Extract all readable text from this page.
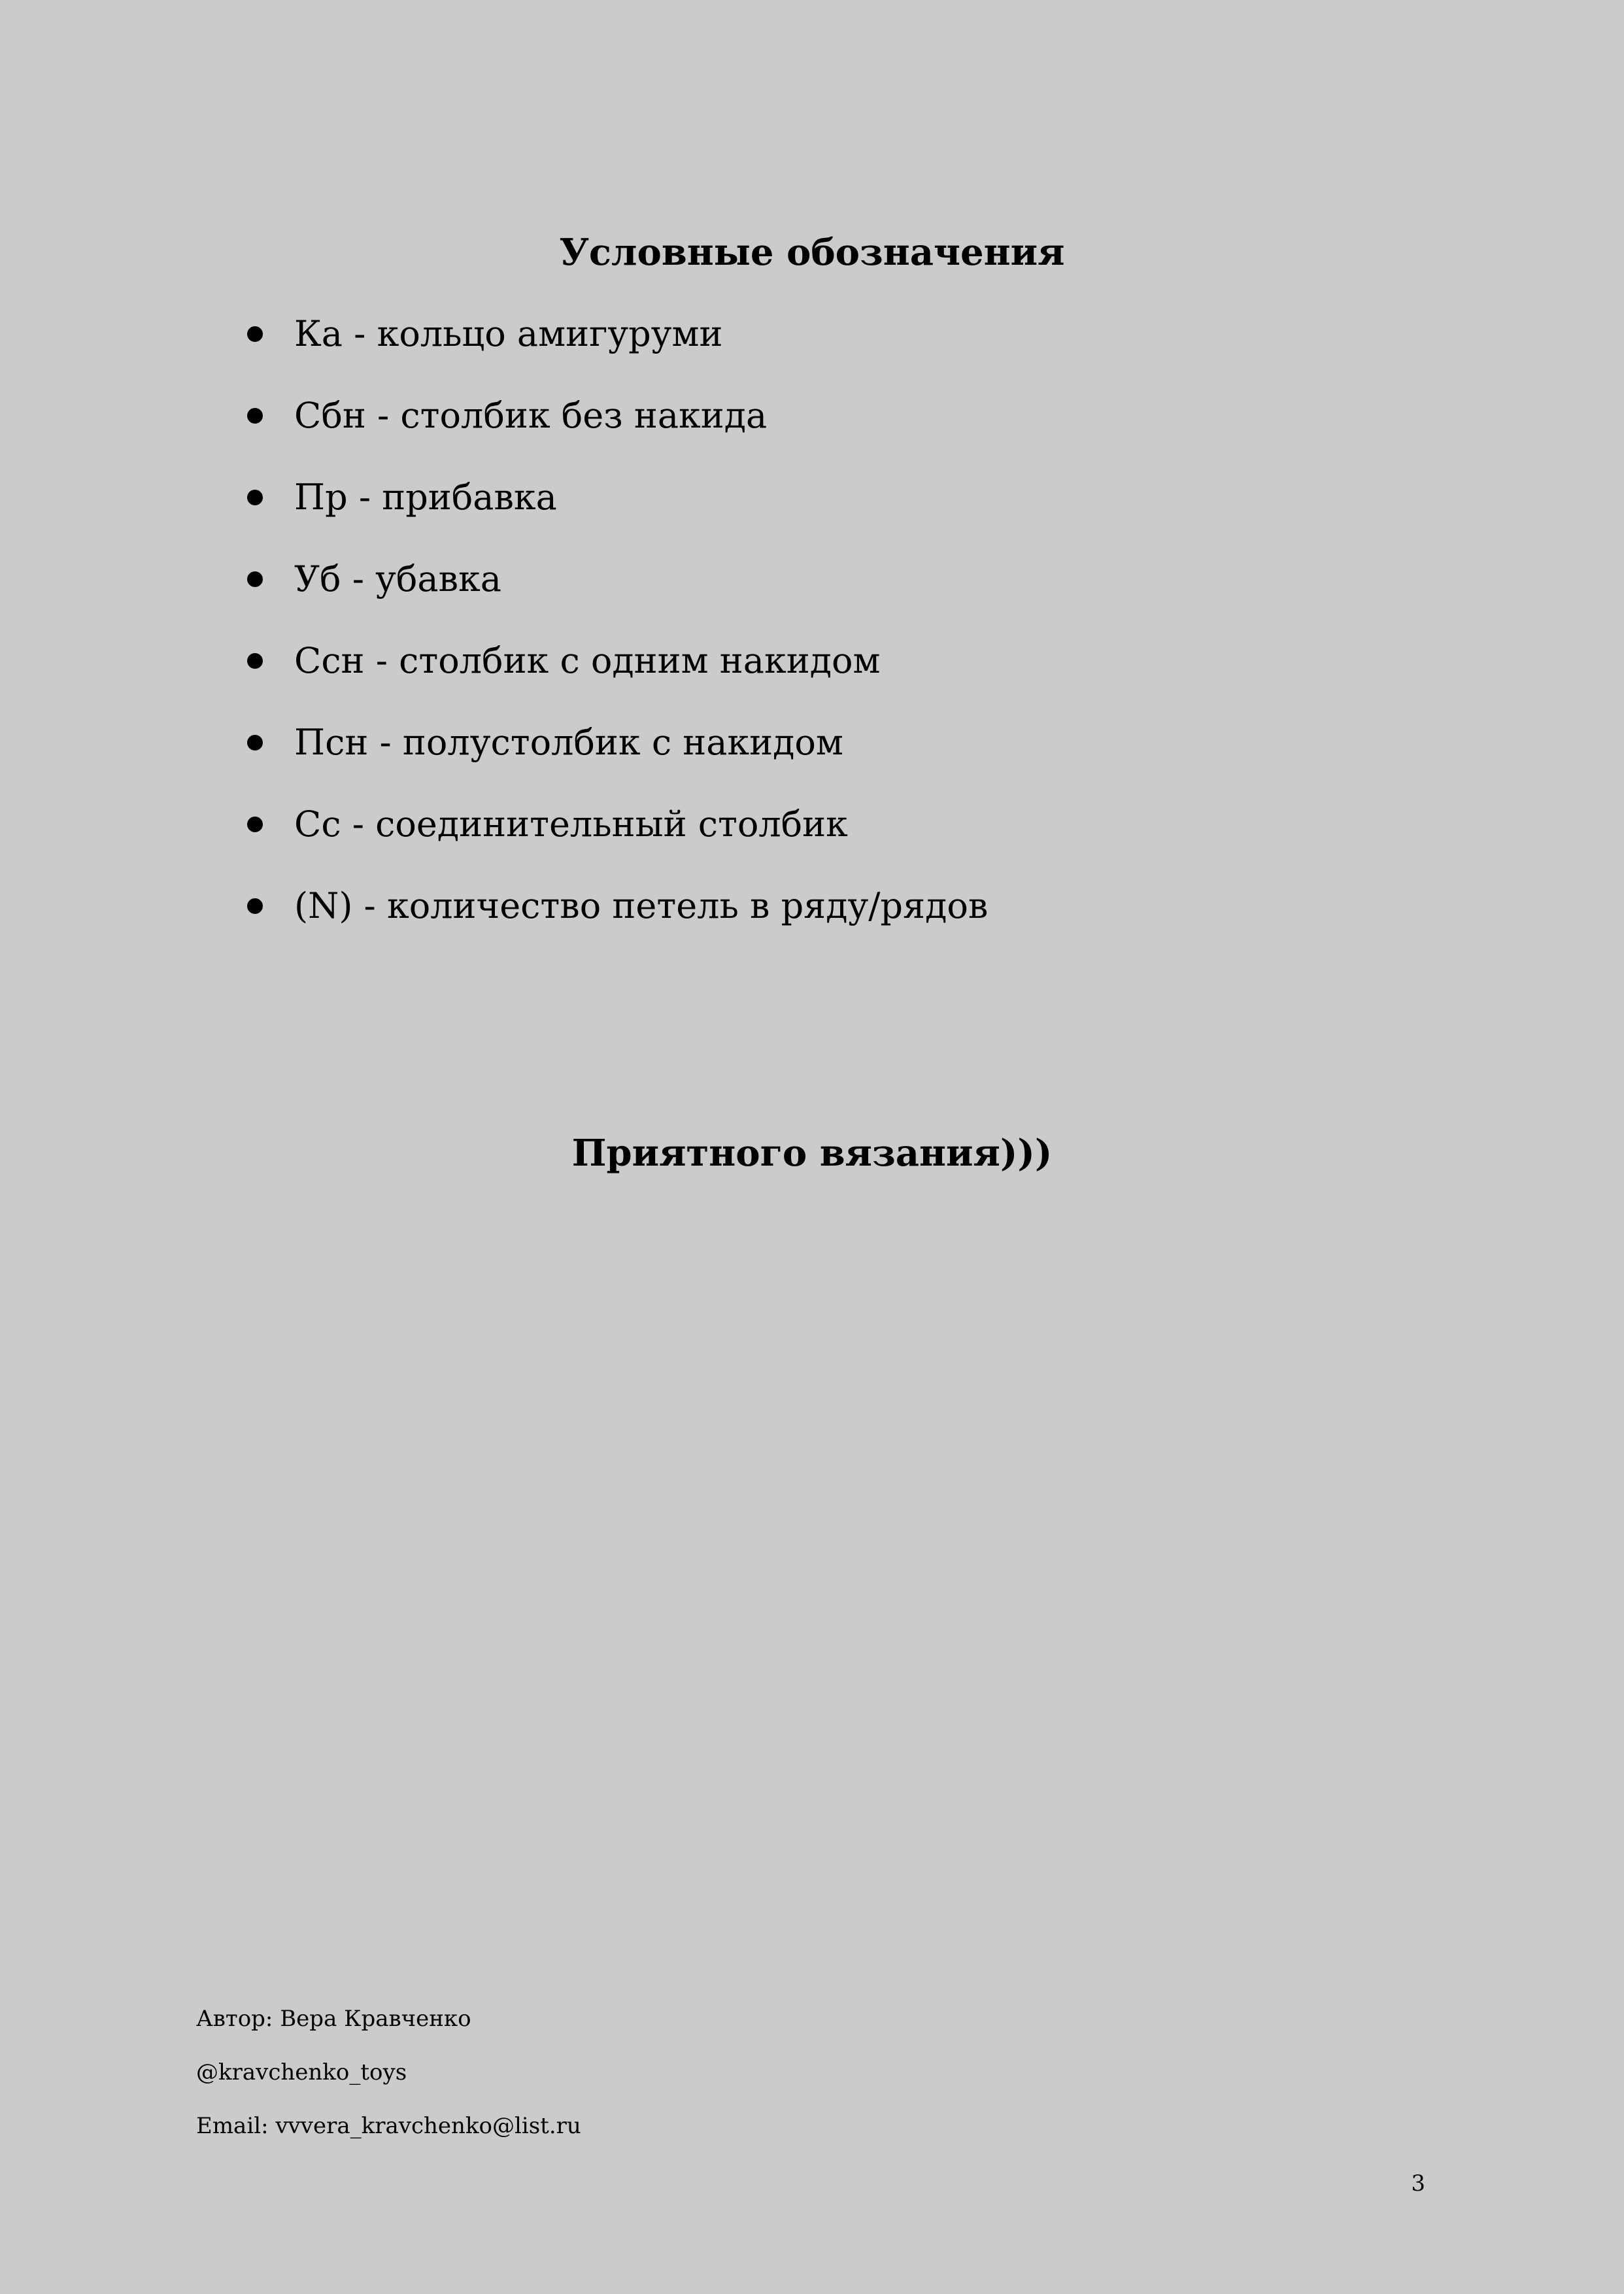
Условные обозначения
Ка - кольцо амигуруми
Сбн - столбик без накида
Пр - прибавка
Уб - убавка
Ссн - столбик с одним накидом
Псн - полустолбик с накидом
Сс - соединительный столбик
(N) - количество петель в ряду/рядов
Приятного вязания)))
Автор: Вера Кравченко
@kravchenko_toys
Email: vvvera_kravchenko@list.ru
3
